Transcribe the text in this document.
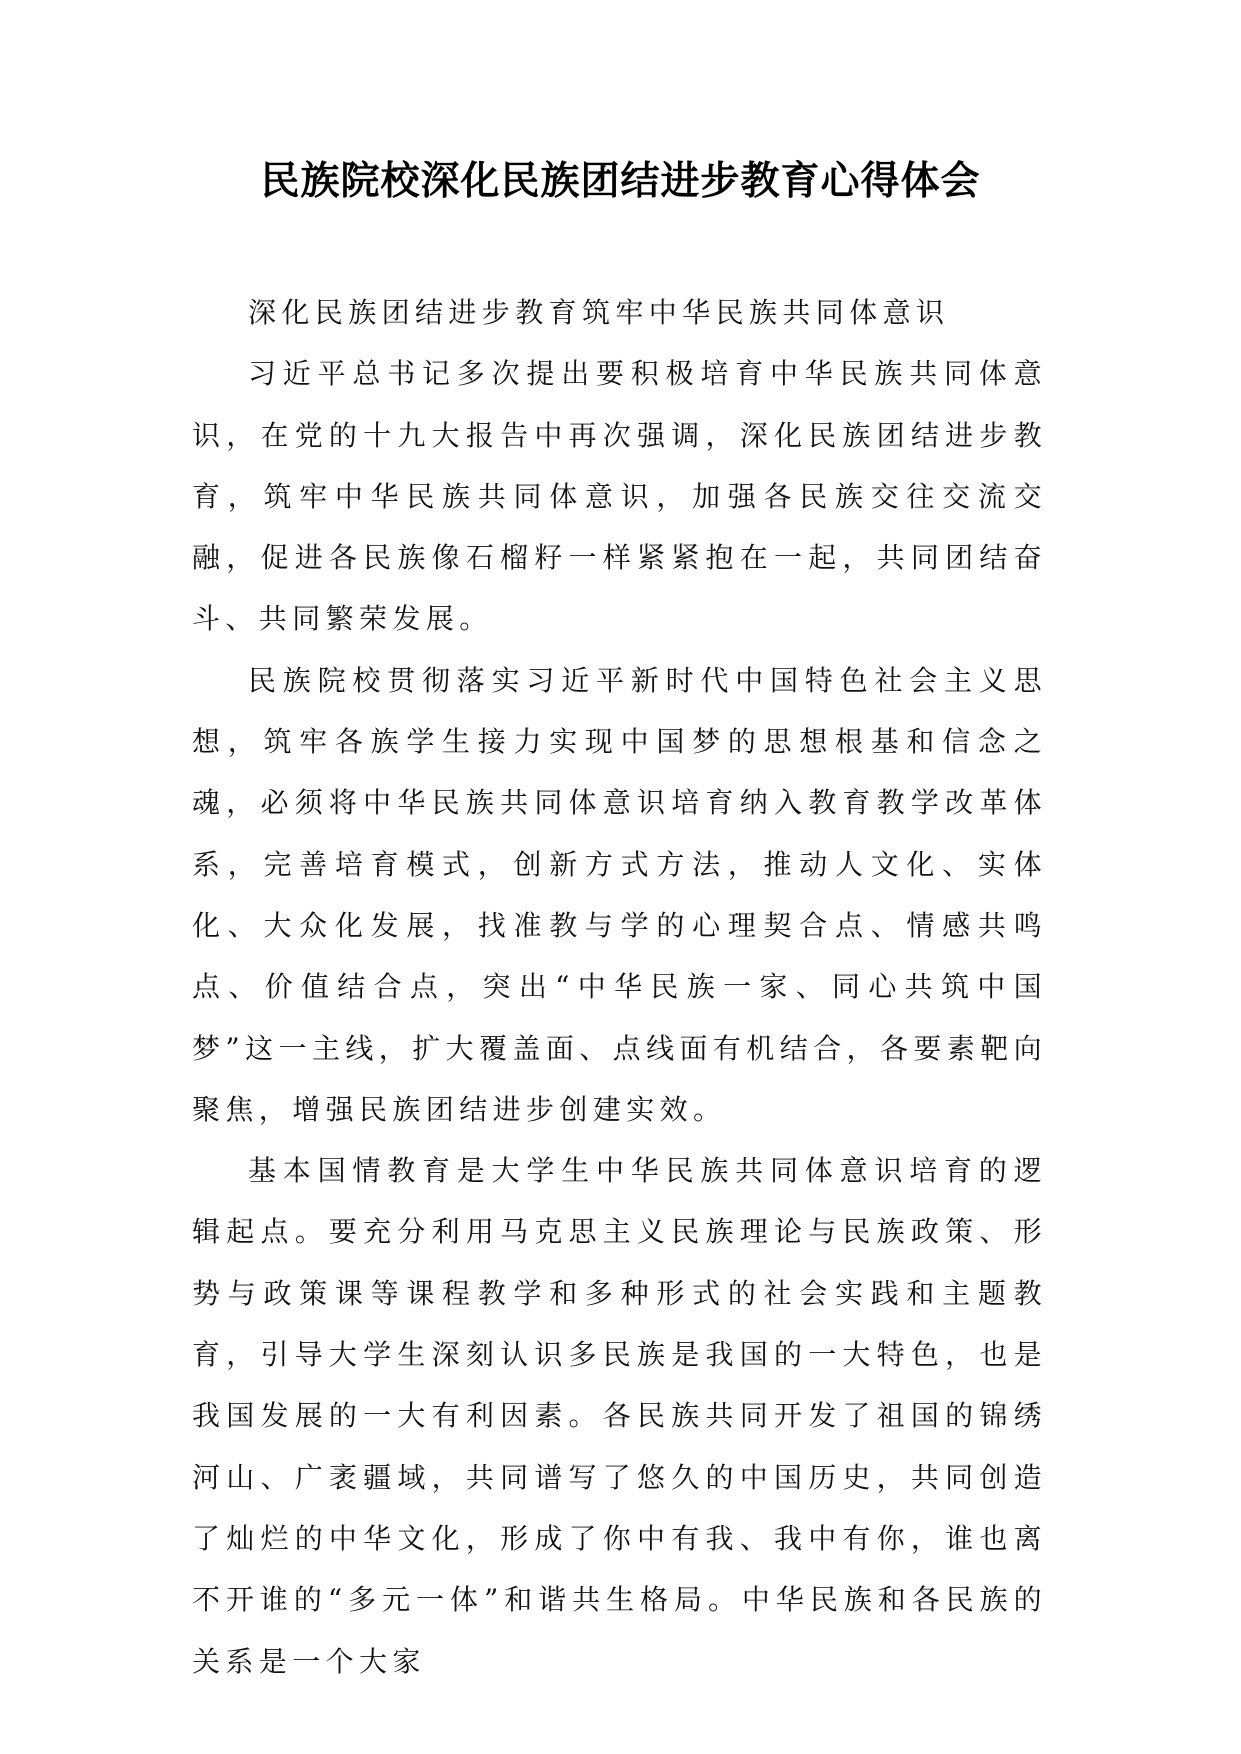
民族院校深化民族团结进步教育心得体会

深化民族团结进步教育筑牢中华民族共同体意识

习近平总书记多次提出要积极培育中华民族共同体意识，在党的十九大报告中再次强调，深化民族团结进步教育，筑牢中华民族共同体意识，加强各民族交往交流交融，促进各民族像石榴籽一样紧紧抱在一起，共同团结奋斗、共同繁荣发展。

民族院校贯彻落实习近平新时代中国特色社会主义思想，筑牢各族学生接力实现中国梦的思想根基和信念之魂，必须将中华民族共同体意识培育纳入教育教学改革体系，完善培育模式，创新方式方法，推动人文化、实体化、大众化发展，找准教与学的心理契合点、情感共鸣点、价值结合点，突出“中华民族一家、同心共筑中国梦”这一主线，扩大覆盖面、点线面有机结合，各要素靶向聚焦，增强民族团结进步创建实效。

基本国情教育是大学生中华民族共同体意识培育的逻辑起点。要充分利用马克思主义民族理论与民族政策、形势与政策课等课程教学和多种形式的社会实践和主题教育，引导大学生深刻认识多民族是我国的一大特色，也是我国发展的一大有利因素。各民族共同开发了祖国的锦绣河山、广袤疆域，共同谱写了悠久的中国历史，共同创造了灿烂的中华文化，形成了你中有我、我中有你，谁也离不开谁的“多元一体”和谐共生格局。中华民族和各民族的关系是一个大家
